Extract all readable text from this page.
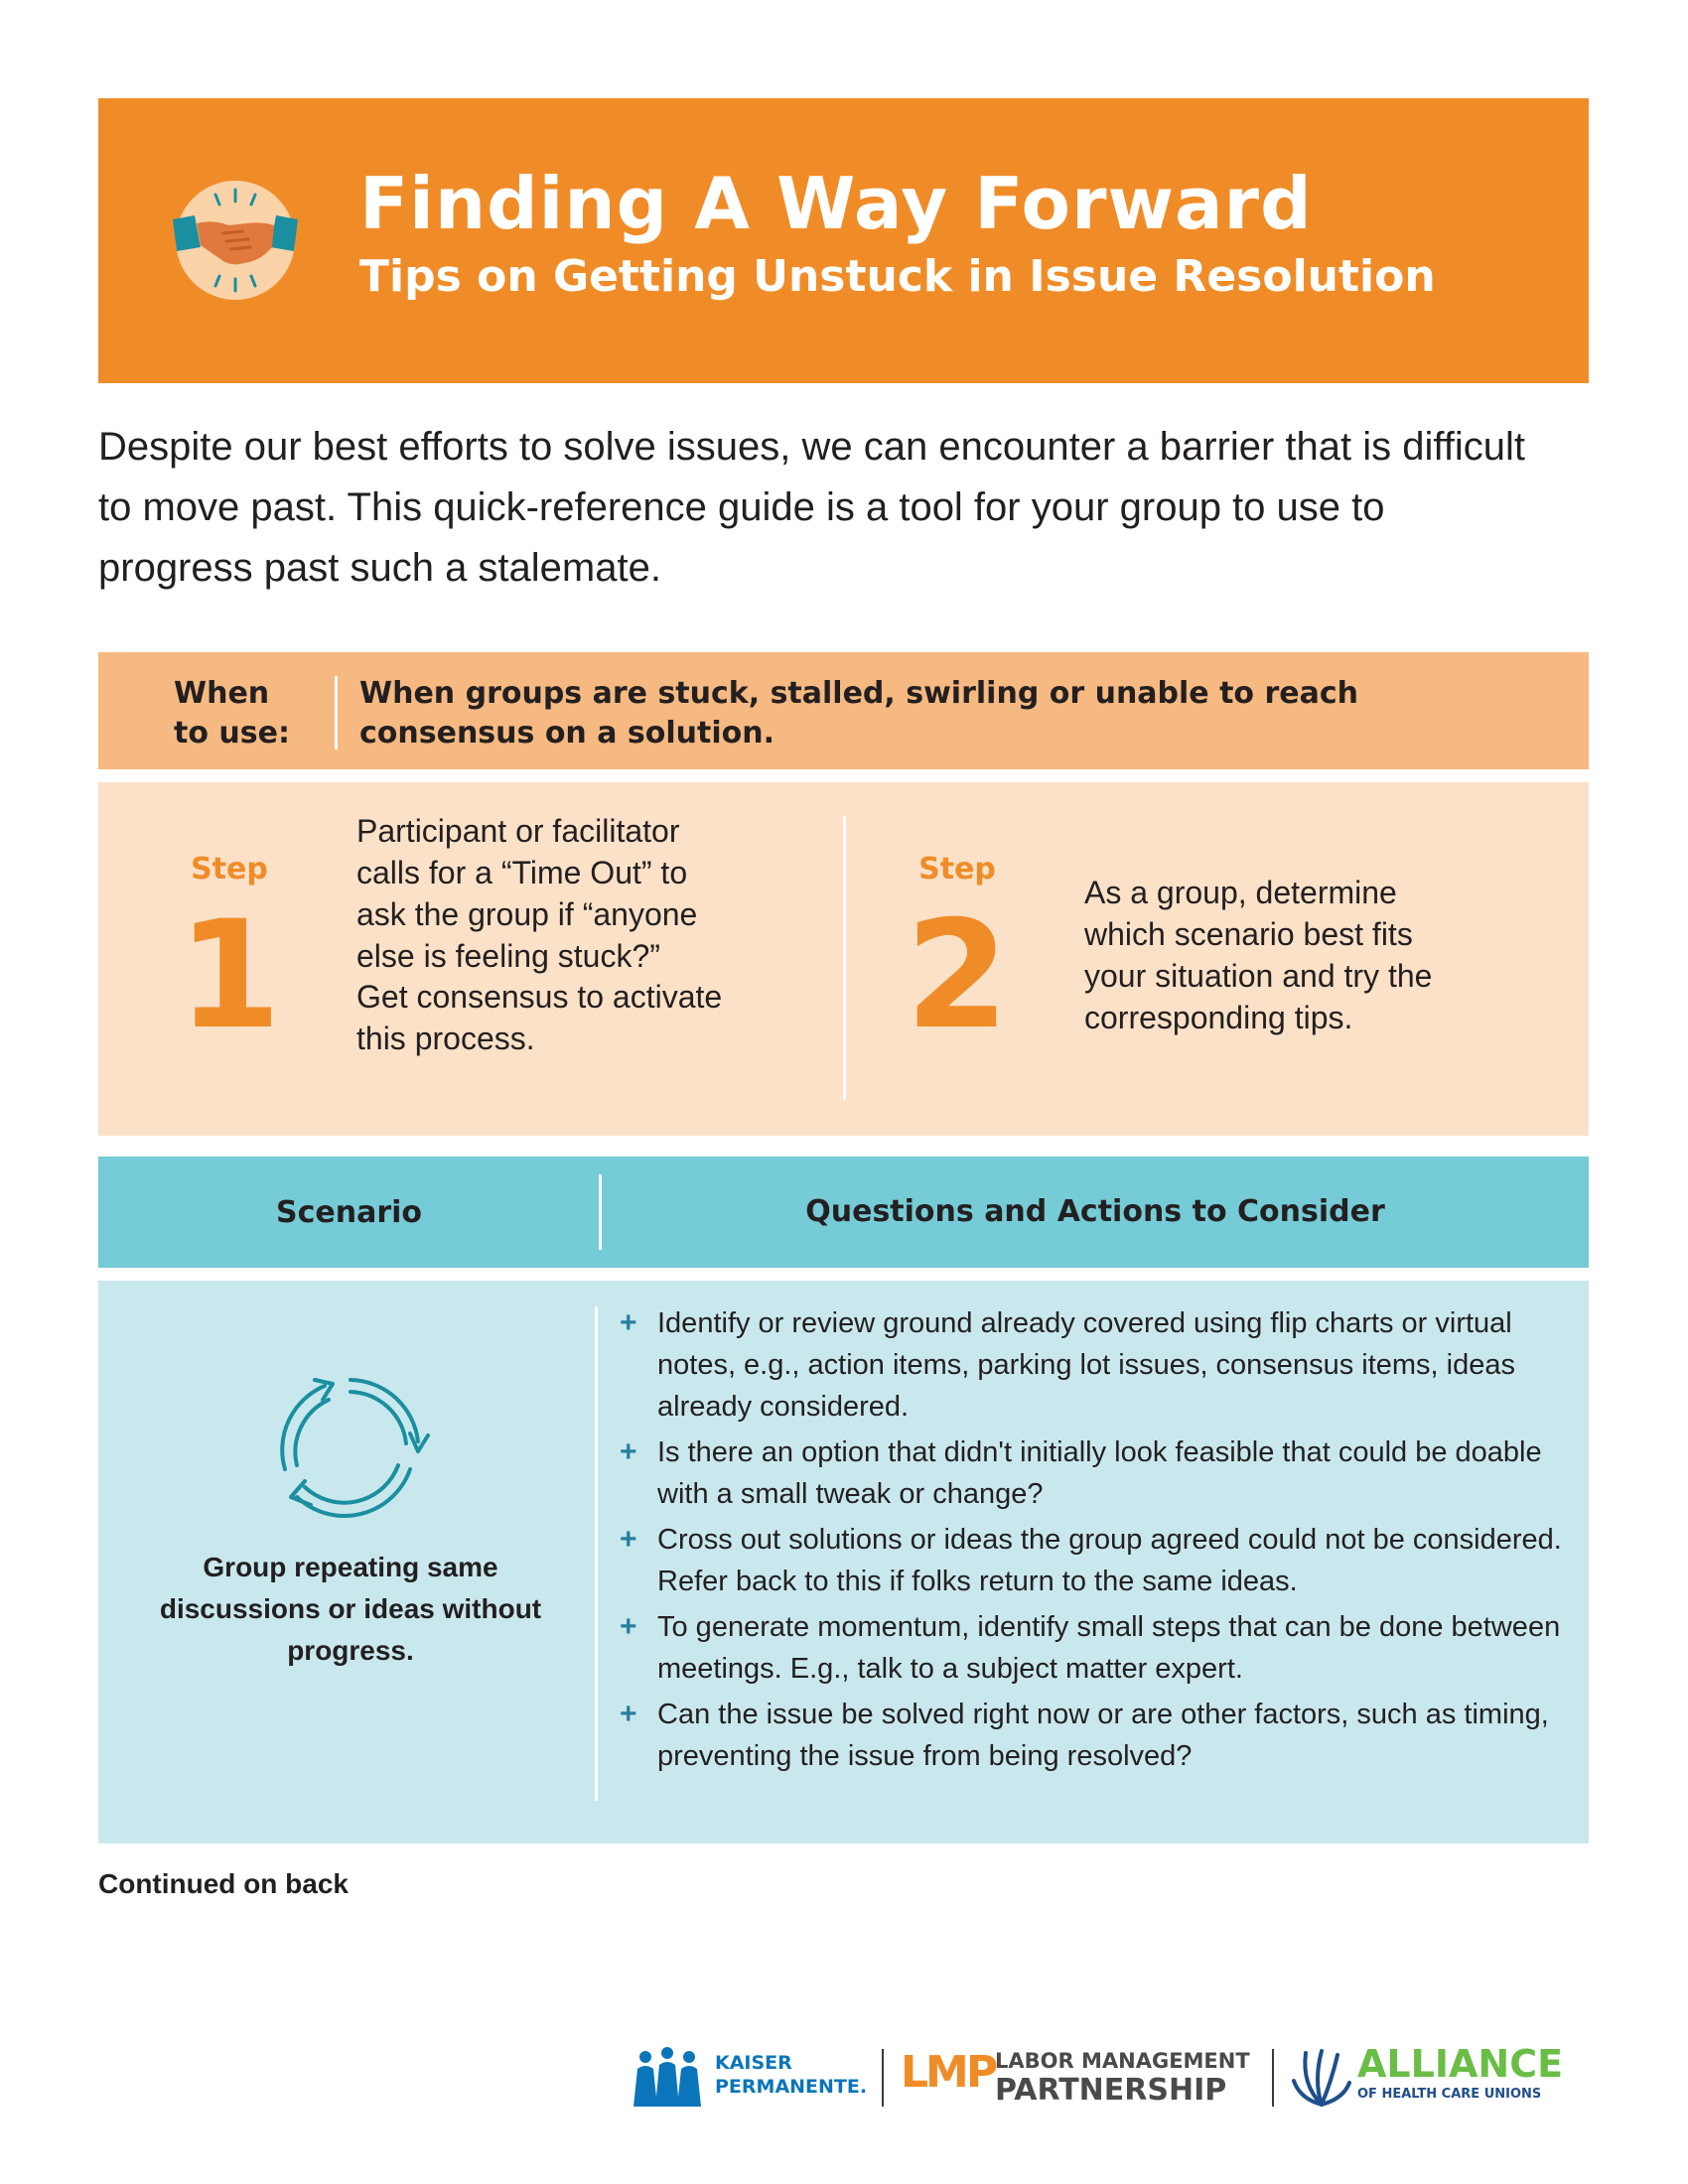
Finding A Way Forward
Tips on Getting Unstuck in Issue Resolution

Despite our best efforts to solve issues, we can encounter a barrier that is difficult to move past. This quick-reference guide is a tool for your group to use to progress past such a stalemate.

When to use:

When groups are stuck, stalled, swirling or unable to reach consensus on a solution.

Step

1

Participant or facilitator calls for a “Time Out” to ask the group if “anyone else is feeling stuck?”

Get consensus to activate this process.

Step

2 As a group, determine which scenario best fits your situation and try the corresponding tips.

Scenario	Questions and Actions to Consider

Group repeating same discussions or ideas without progress.

+ Identify or review ground already covered using flip charts or virtual notes, e.g., action items, parking lot issues, consensus items, ideas already considered.
+ Is there an option that didn't initially look feasible that could be doable with a small tweak or change?
+ Cross out solutions or ideas the group agreed could not be considered. Refer back to this if folks return to the same ideas.
+ To generate momentum, identify small steps that can be done between meetings. E.g., talk to a subject matter expert.
+ Can the issue be solved right now or are other factors, such as timing, preventing the issue from being resolved?

Continued on back

KAISER
PERMANENTE. LMP LABOR MANAGEMENT

PARTNERSHIP

ALLIANCE

OF HEALTH CARE UNIONS
